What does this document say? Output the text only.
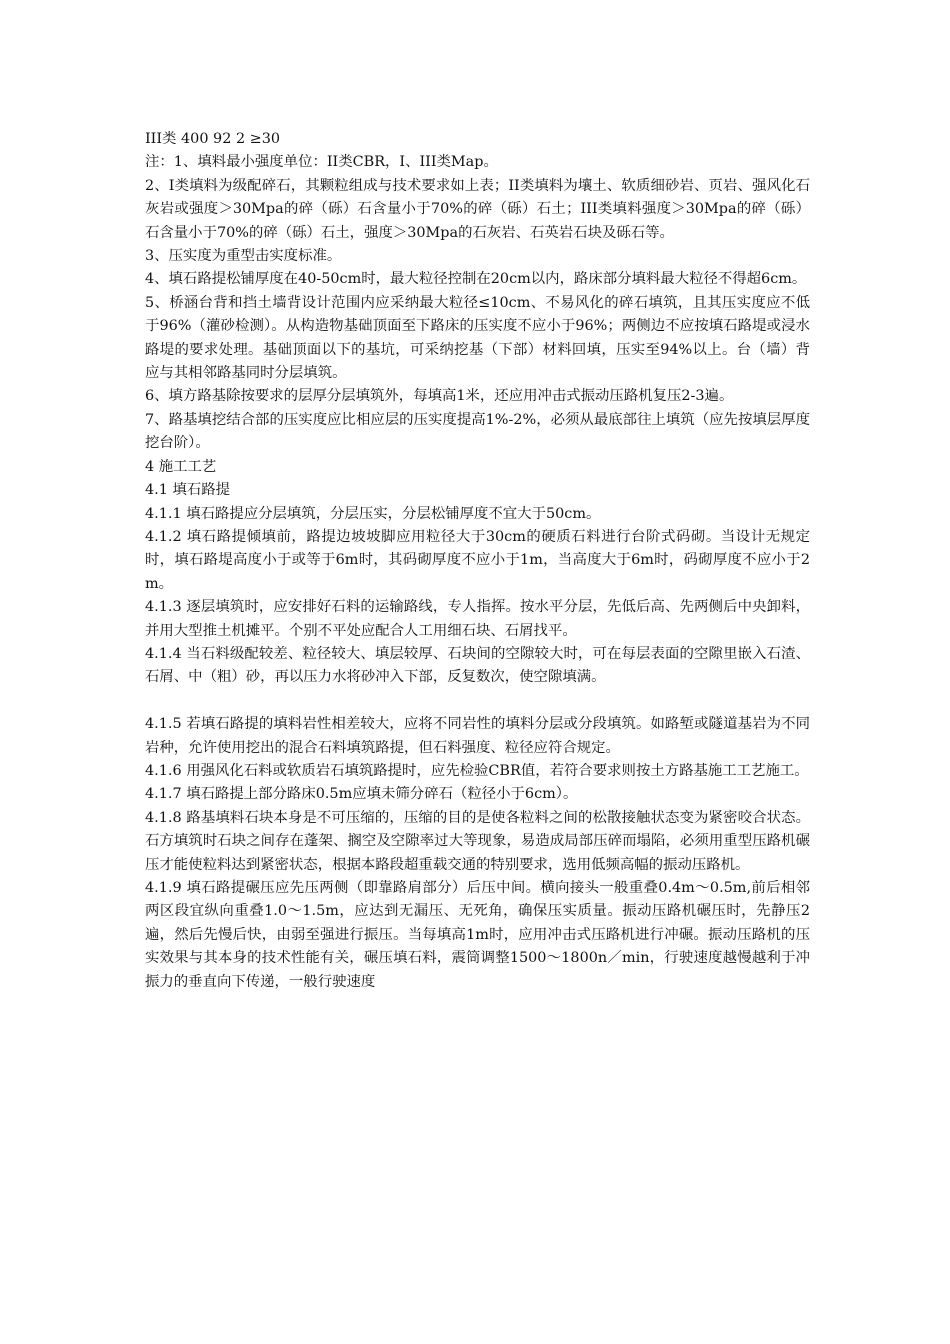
III类 400 92 2 ≥30

注：1、填料最小强度单位：II类CBR，I、III类Map。

2、I类填料为级配碎石，其颗粒组成与技术要求如上表；II类填料为壤土、软质细砂岩、页岩、强风化石灰岩或强度＞30Mpa的碎（砾）石含量小于70%的碎（砾）石土；III类填料强度＞30Mpa的碎（砾）石含量小于70%的碎（砾）石土，强度＞30Mpa的石灰岩、石英岩石块及砾石等。

3、压实度为重型击实度标准。

4、填石路提松铺厚度在40-50cm时，最大粒径控制在20cm以内，路床部分填料最大粒径不得超6cm。

5、桥涵台背和挡土墙背设计范围内应采纳最大粒径≤10cm、不易风化的碎石填筑，且其压实度应不低于96%（灌砂检测）。从构造物基础顶面至下路床的压实度不应小于96%；两侧边不应按填石路堤或浸水路堤的要求处理。基础顶面以下的基坑，可采纳挖基（下部）材料回填，压实至94%以上。台（墙）背应与其相邻路基同时分层填筑。

6、填方路基除按要求的层厚分层填筑外，每填高1米，还应用冲击式振动压路机复压2-3遍。

7、路基填挖结合部的压实度应比相应层的压实度提高1%-2%，必须从最底部往上填筑（应先按填层厚度挖台阶）。

4 施工工艺

4.1 填石路提

4.1.1 填石路提应分层填筑，分层压实，分层松铺厚度不宜大于50cm。

4.1.2 填石路提倾填前，路提边坡坡脚应用粒径大于30cm的硬质石料进行台阶式码砌。当设计无规定时，填石路堤高度小于或等于6m时，其码砌厚度不应小于1m，当高度大于6m时，码砌厚度不应小于2m。

4.1.3 逐层填筑时，应安排好石料的运输路线，专人指挥。按水平分层，先低后高、先两侧后中央卸料，并用大型推土机摊平。个别不平处应配合人工用细石块、石屑找平。

4.1.4 当石料级配较差、粒径较大、填层较厚、石块间的空隙较大时，可在每层表面的空隙里嵌入石渣、石屑、中（粗）砂，再以压力水将砂冲入下部，反复数次，使空隙填满。

4.1.5 若填石路提的填料岩性相差较大，应将不同岩性的填料分层或分段填筑。如路堑或隧道基岩为不同岩种，允许使用挖出的混合石料填筑路提，但石料强度、粒径应符合规定。

4.1.6 用强风化石料或软质岩石填筑路提时，应先检验CBR值，若符合要求则按土方路基施工工艺施工。

4.1.7 填石路提上部分路床0.5m应填未筛分碎石（粒径小于6cm）。

4.1.8 路基填料石块本身是不可压缩的，压缩的目的是使各粒料之间的松散接触状态变为紧密咬合状态。石方填筑时石块之间存在蓬架、搁空及空隙率过大等现象，易造成局部压碎而塌陷，必须用重型压路机碾压才能使粒料达到紧密状态，根据本路段超重载交通的特别要求，选用低频高幅的振动压路机。

4.1.9 填石路提碾压应先压两侧（即靠路肩部分）后压中间。横向接头一般重叠0.4m～0.5m,前后相邻两区段宜纵向重叠1.0～1.5m，应达到无漏压、无死角，确保压实质量。振动压路机碾压时，先静压2遍，然后先慢后快，由弱至强进行振压。当每填高1m时，应用冲击式压路机进行冲碾。振动压路机的压实效果与其本身的技术性能有关，碾压填石料，震筒调整1500～1800n／min，行驶速度越慢越利于冲振力的垂直向下传递，一般行驶速度
